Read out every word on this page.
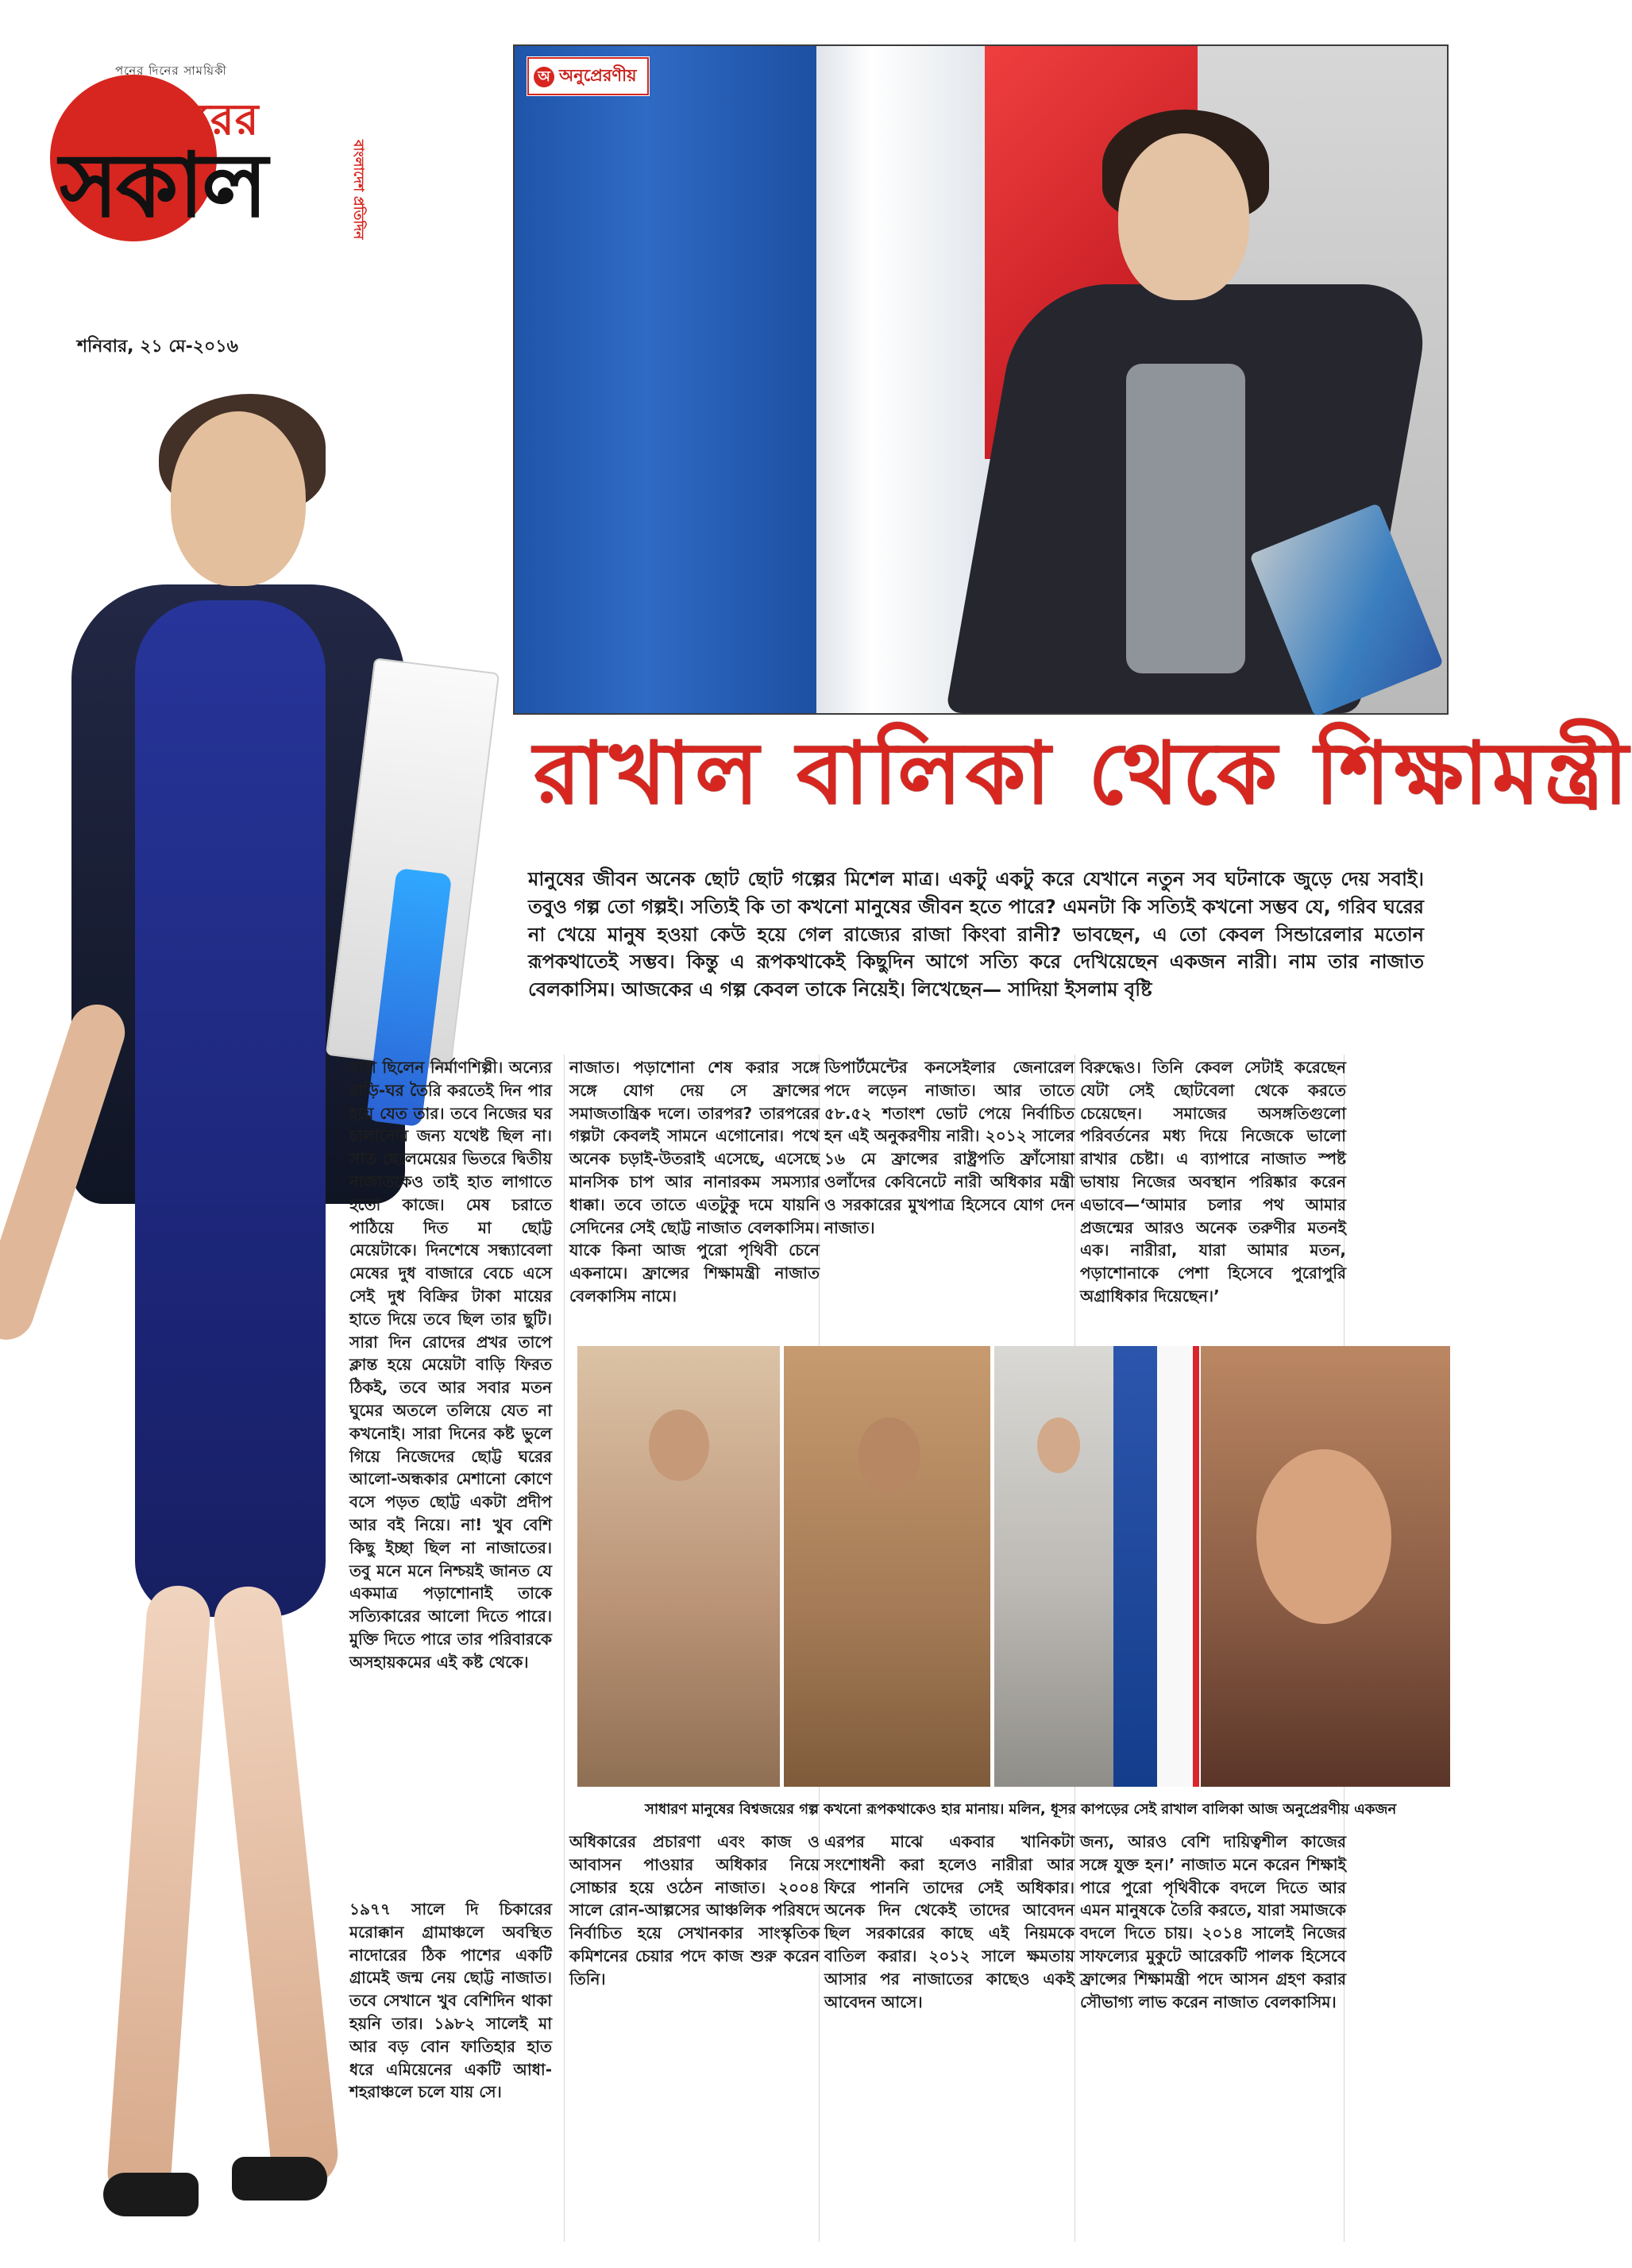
পনের দিনের সাময়িকী
শনিবারের
সকাল	বাংলাদেশ প্রতিদিন
শনিবার, ২১ মে-২০১৬
অ অনুপ্রেরণীয়
রাখাল বালিকা থেকে শিক্ষামন্ত্রী
মানুষের জীবন অনেক ছোট ছোট গল্পের মিশেল মাত্র। একটু একটু করে যেখানে নতুন সব ঘটনাকে জুড়ে দেয় সবাই। তবুও গল্প তো গল্পই। সত্যিই কি তা কখনো মানুষের জীবন হতে পারে? এমনটা কি সত্যিই কখনো সম্ভব যে, গরিব ঘরের না খেয়ে মানুষ হওয়া কেউ হয়ে গেল রাজ্যের রাজা কিংবা রানী? ভাবছেন, এ তো কেবল সিন্ডারেলার মতোন রূপকথাতেই সম্ভব। কিন্তু এ রূপকথাকেই কিছুদিন আগে সত্যি করে দেখিয়েছেন একজন নারী। নাম তার নাজাত বেলকাসিম। আজকের এ গল্প কেবল তাকে নিয়েই। লিখেছেন— সাদিয়া ইসলাম বৃষ্টি
বাবা ছিলেন নির্মাণশিল্পী। অন্যের বাড়ি-ঘর তৈরি করতেই দিন পার হয়ে যেত তার। তবে নিজের ঘর চালানোর জন্য যথেষ্ট ছিল না। সাত ছেলেমেয়ের ভিতরে দ্বিতীয় নাজাতকেও তাই হাত লাগাতে হতো কাজে। মেষ চরাতে পাঠিয়ে দিত মা ছোট্ট মেয়েটাকে। দিনশেষে সন্ধ্যাবেলা মেষের দুধ বাজারে বেচে এসে সেই দুধ বিক্রির টাকা মায়ের হাতে দিয়ে তবে ছিল তার ছুটি। সারা দিন রোদের প্রখর তাপে ক্লান্ত হয়ে মেয়েটা বাড়ি ফিরত ঠিকই, তবে আর সবার মতন ঘুমের অতলে তলিয়ে যেত না কখনোই। সারা দিনের কষ্ট ভুলে গিয়ে নিজেদের ছোট্ট ঘরের আলো-অন্ধকার মেশানো কোণে বসে পড়ত ছোট্ট একটা প্রদীপ আর বই নিয়ে। না! খুব বেশি কিছু ইচ্ছা ছিল না নাজাতের। তবু মনে মনে নিশ্চয়ই জানত যে একমাত্র পড়াশোনাই তাকে সত্যিকারের আলো দিতে পারে। মুক্তি দিতে পারে তার পরিবারকে অসহায়কমের এই কষ্ট থেকে।
নাজাত। পড়াশোনা শেষ করার সঙ্গে সঙ্গে যোগ দেয় সে ফ্রান্সের সমাজতান্ত্রিক দলে। তারপর? তারপরের গল্পটা কেবলই সামনে এগোনোর। পথে অনেক চড়াই-উতরাই এসেছে, এসেছে মানসিক চাপ আর নানারকম সমস্যার ধাক্কা। তবে তাতে এতটুকু দমে যায়নি সেদিনের সেই ছোট্ট নাজাত বেলকাসিম। যাকে কিনা আজ পুরো পৃথিবী চেনে একনামে। ফ্রান্সের শিক্ষামন্ত্রী নাজাত বেলকাসিম নামে।
ডিপার্টমেন্টের কনসেইলার জেনারেল পদে লড়েন নাজাত। আর তাতে ৫৮.৫২ শতাংশ ভোট পেয়ে নির্বাচিত হন এই অনুকরণীয় নারী। ২০১২ সালের ১৬ মে ফ্রান্সের রাষ্ট্রপতি ফ্রাঁসোয়া ওলাঁদের কেবিনেটে নারী অধিকার মন্ত্রী ও সরকারের মুখপাত্র হিসেবে যোগ দেন নাজাত।
বিরুদ্ধেও। তিনি কেবল সেটাই করেছেন যেটা সেই ছোটবেলা থেকে করতে চেয়েছেন। সমাজের অসঙ্গতিগুলো পরিবর্তনের মধ্য দিয়ে নিজেকে ভালো রাখার চেষ্টা। এ ব্যাপারে নাজাত স্পষ্ট ভাষায় নিজের অবস্থান পরিষ্কার করেন এভাবে—‘আমার চলার পথ আমার প্রজন্মের আরও অনেক তরুণীর মতনই এক। নারীরা, যারা আমার মতন, পড়াশোনাকে পেশা হিসেবে পুরোপুরি অগ্রাধিকার দিয়েছেন।’
১৯৭৭ সালে দি চিকারের মরোক্কান গ্রামাঞ্চলে অবস্থিত নাদোরের ঠিক পাশের একটি গ্রামেই জন্ম নেয় ছোট্ট নাজাত। তবে সেখানে খুব বেশিদিন থাকা হয়নি তার। ১৯৮২ সালেই মা আর বড় বোন ফাতিহার হাত ধরে এমিয়েনের একটি আধা-শহরাঞ্চলে চলে যায় সে।
অধিকারের প্রচারণা এবং কাজ ও আবাসন পাওয়ার অধিকার নিয়ে সোচ্চার হয়ে ওঠেন নাজাত। ২০০৪ সালে রোন-আল্পসের আঞ্চলিক পরিষদে নির্বাচিত হয়ে সেখানকার সাংস্কৃতিক কমিশনের চেয়ার পদে কাজ শুরু করেন তিনি।
এরপর মাঝে একবার খানিকটা সংশোধনী করা হলেও নারীরা আর ফিরে পাননি তাদের সেই অধিকার। অনেক দিন থেকেই তাদের আবেদন ছিল সরকারের কাছে এই নিয়মকে বাতিল করার। ২০১২ সালে ক্ষমতায় আসার পর নাজাতের কাছেও একই আবেদন আসে।
জন্য, আরও বেশি দায়িত্বশীল কাজের সঙ্গে যুক্ত হন।’ নাজাত মনে করেন শিক্ষাই পারে পুরো পৃথিবীকে বদলে দিতে আর এমন মানুষকে তৈরি করতে, যারা সমাজকে বদলে দিতে চায়। ২০১৪ সালেই নিজের সাফল্যের মুকুটে আরেকটি পালক হিসেবে ফ্রান্সের শিক্ষামন্ত্রী পদে আসন গ্রহণ করার সৌভাগ্য লাভ করেন নাজাত বেলকাসিম।
সাধারণ মানুষের বিশ্বজয়ের গল্প কখনো রূপকথাকেও হার মানায়। মলিন, ধূসর কাপড়ের সেই রাখাল বালিকা আজ অনুপ্রেরণীয় একজন
